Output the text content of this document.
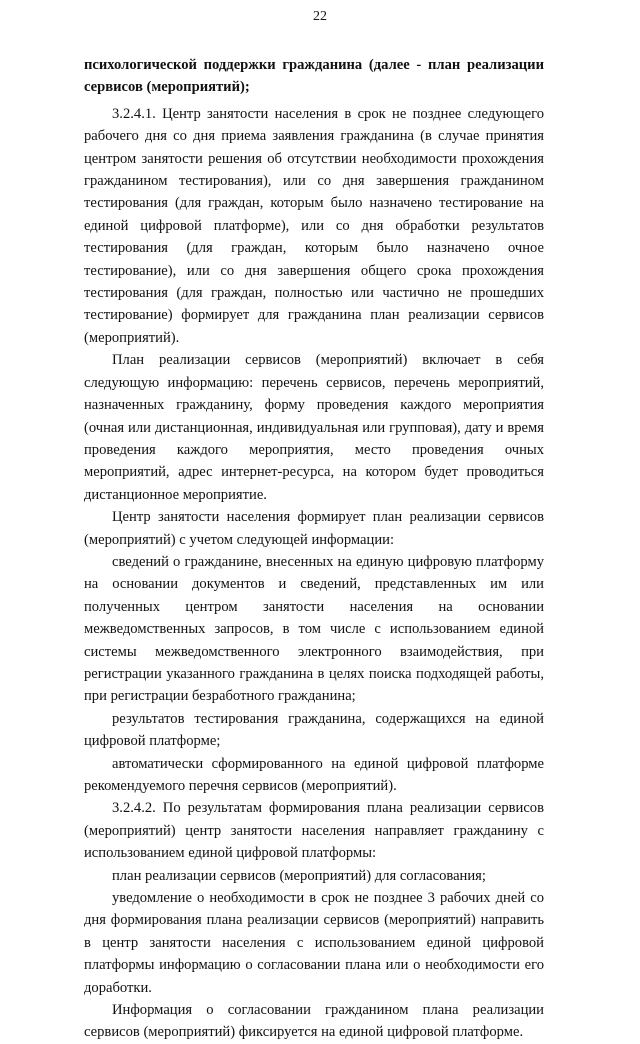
22

психологической поддержки гражданина (далее - план реализации сервисов (мероприятий);

3.2.4.1. Центр занятости населения в срок не позднее следующего рабочего дня со дня приема заявления гражданина (в случае принятия центром занятости решения об отсутствии необходимости прохождения гражданином тестирования), или со дня завершения гражданином тестирования (для граждан, которым было назначено тестирование на единой цифровой платформе), или со дня обработки результатов тестирования (для граждан, которым было назначено очное тестирование), или со дня завершения общего срока прохождения тестирования (для граждан, полностью или частично не прошедших тестирование) формирует для гражданина план реализации сервисов (мероприятий).

План реализации сервисов (мероприятий) включает в себя следующую информацию: перечень сервисов, перечень мероприятий, назначенных гражданину, форму проведения каждого мероприятия (очная или дистанционная, индивидуальная или групповая), дату и время проведения каждого мероприятия, место проведения очных мероприятий, адрес интернет-ресурса, на котором будет проводиться дистанционное мероприятие.

Центр занятости населения формирует план реализации сервисов (мероприятий) с учетом следующей информации:

сведений о гражданине, внесенных на единую цифровую платформу на основании документов и сведений, представленных им или полученных центром занятости населения на основании межведомственных запросов, в том числе с использованием единой системы межведомственного электронного взаимодействия, при регистрации указанного гражданина в целях поиска подходящей работы, при регистрации безработного гражданина;

результатов тестирования гражданина, содержащихся на единой цифровой платформе;

автоматически сформированного на единой цифровой платформе рекомендуемого перечня сервисов (мероприятий).

3.2.4.2. По результатам формирования плана реализации сервисов (мероприятий) центр занятости населения направляет гражданину с использованием единой цифровой платформы:

план реализации сервисов (мероприятий) для согласования;

уведомление о необходимости в срок не позднее 3 рабочих дней со дня формирования плана реализации сервисов (мероприятий) направить в центр занятости населения с использованием единой цифровой платформы информацию о согласовании плана или о необходимости его доработки.

Информация о согласовании гражданином плана реализации сервисов (мероприятий) фиксируется на единой цифровой платформе.
